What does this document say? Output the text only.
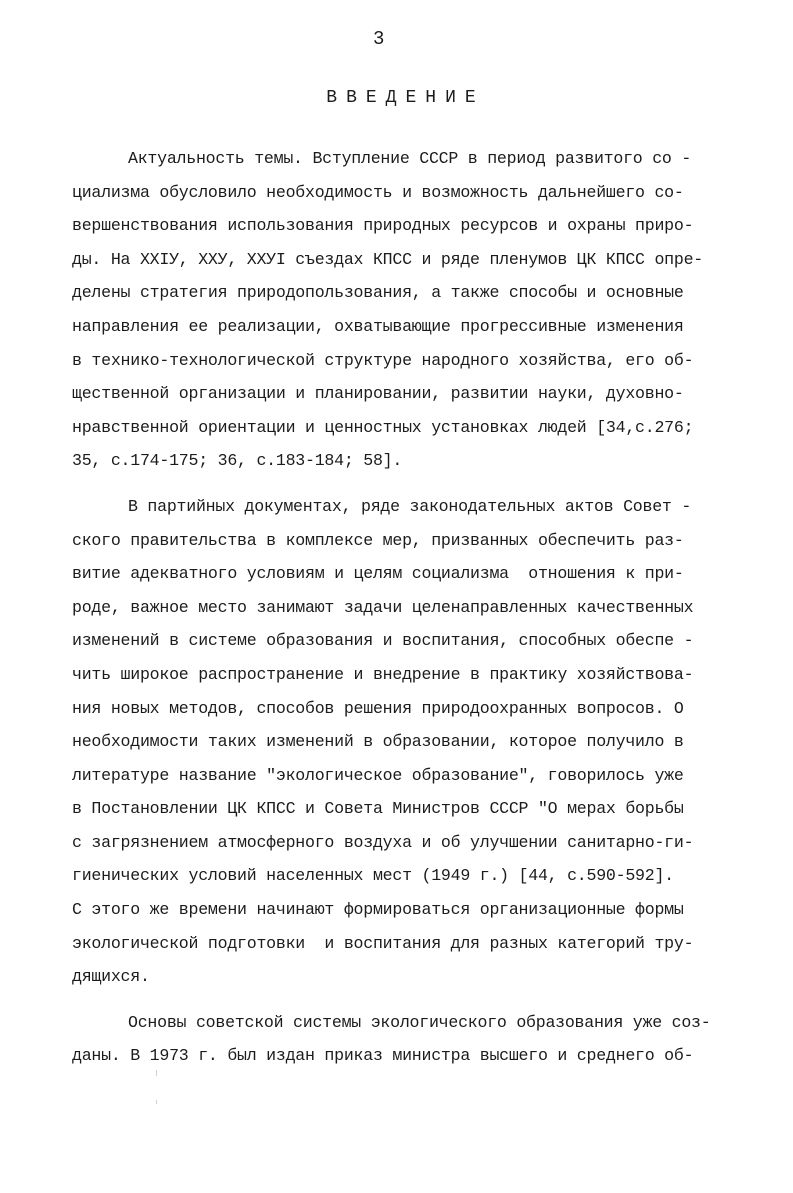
3
ВВЕДЕНИЕ
Актуальность темы. Вступление СССР в период развитого со -
циализма обусловило необходимость и возможность дальнейшего со-
вершенствования использования природных ресурсов и охраны приро-
ды. На XXIУ, XXУ, XXУI съездах КПСС и ряде пленумов ЦК КПСС опре-
делены стратегия природопользования, а также способы и основные
направления ее реализации, охватывающие прогрессивные изменения
в технико-технологической структуре народного хозяйства, его об-
щественной организации и планировании, развитии науки, духовно-
нравственной ориентации и ценностных установках людей [34,с.276;
35, с.174-175; 36, с.183-184; 58].
В партийных документах, ряде законодательных актов Совет -
ского правительства в комплексе мер, призванных обеспечить раз-
витие адекватного условиям и целям социализма  отношения к при-
роде, важное место занимают задачи целенаправленных качественных
изменений в системе образования и воспитания, способных обеспе -
чить широкое распространение и внедрение в практику хозяйствова-
ния новых методов, способов решения природоохранных вопросов. О
необходимости таких изменений в образовании, которое получило в
литературе название "экологическое образование", говорилось уже
в Постановлении ЦК КПСС и Совета Министров СССР "О мерах борьбы
с загрязнением атмосферного воздуха и об улучшении санитарно-ги-
гиенических условий населенных мест (1949 г.) [44, с.590-592].
С этого же времени начинают формироваться организационные формы
экологической подготовки  и воспитания для разных категорий тру-
дящихся.
Основы советской системы экологического образования уже соз-
даны. В 1973 г. был издан приказ министра высшего и среднего об-
